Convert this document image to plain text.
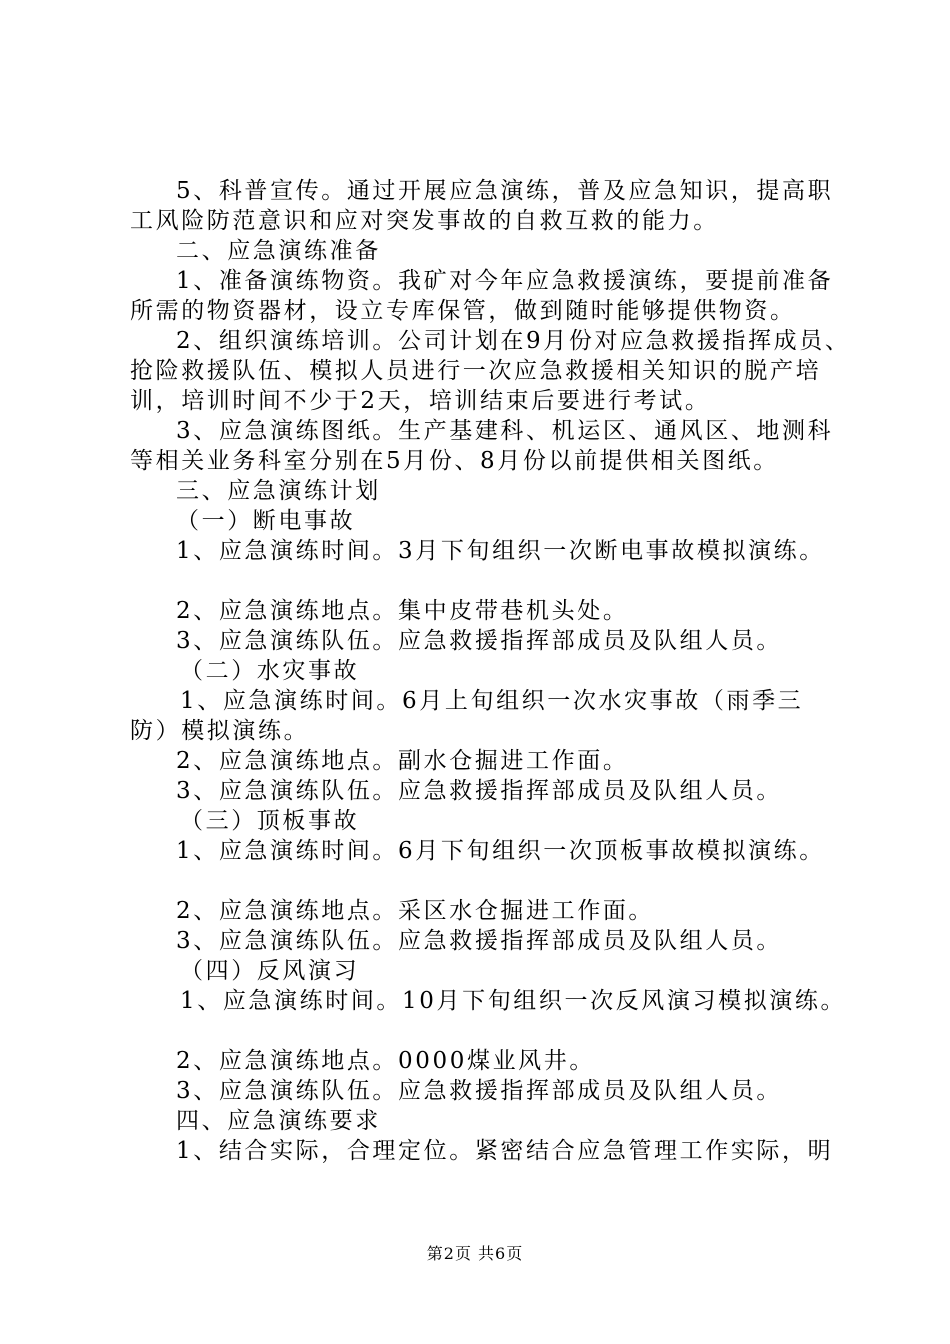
5、科普宣传。通过开展应急演练，普及应急知识，提高职
工风险防范意识和应对突发事故的自救互救的能力。
二、应急演练准备
1、准备演练物资。我矿对今年应急救援演练，要提前准备
所需的物资器材，设立专库保管，做到随时能够提供物资。
2、组织演练培训。公司计划在9月份对应急救援指挥成员、
抢险救援队伍、模拟人员进行一次应急救援相关知识的脱产培
训，培训时间不少于2天，培训结束后要进行考试。
3、应急演练图纸。生产基建科、机运区、通风区、地测科
等相关业务科室分别在5月份、8月份以前提供相关图纸。
三、应急演练计划
（一）断电事故
1、应急演练时间。3月下旬组织一次断电事故模拟演练。
2、应急演练地点。集中皮带巷机头处。
3、应急演练队伍。应急救援指挥部成员及队组人员。
（二）水灾事故
1、应急演练时间。6月上旬组织一次水灾事故（雨季三
防）模拟演练。
2、应急演练地点。副水仓掘进工作面。
3、应急演练队伍。应急救援指挥部成员及队组人员。
（三）顶板事故
1、应急演练时间。6月下旬组织一次顶板事故模拟演练。
2、应急演练地点。采区水仓掘进工作面。
3、应急演练队伍。应急救援指挥部成员及队组人员。
（四）反风演习
1、应急演练时间。10月下旬组织一次反风演习模拟演练。
2、应急演练地点。0000煤业风井。
3、应急演练队伍。应急救援指挥部成员及队组人员。
四、应急演练要求
1、结合实际，合理定位。紧密结合应急管理工作实际，明
第2页 共6页
